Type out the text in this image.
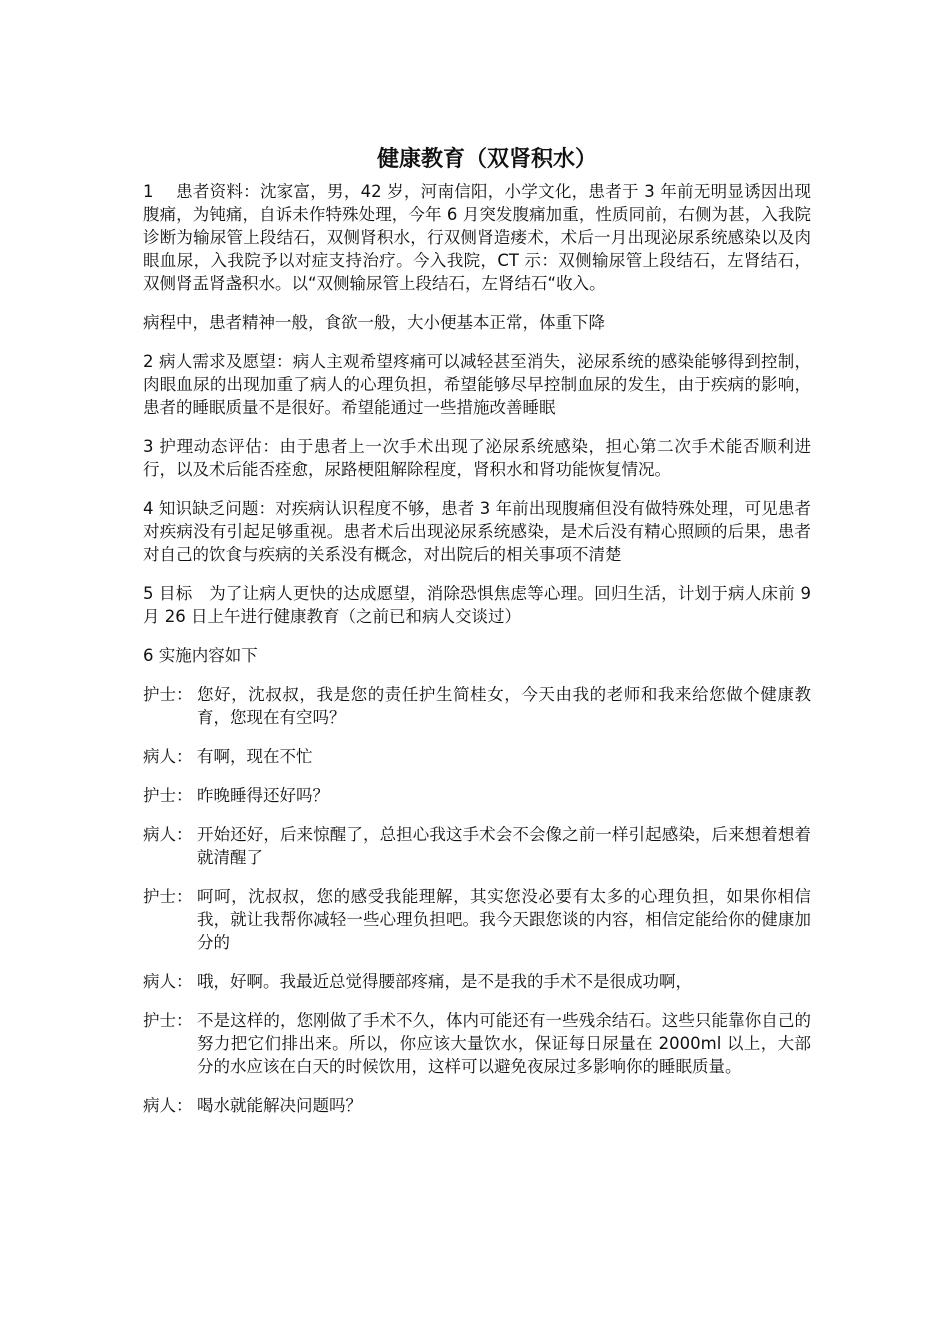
健康教育（双肾积水）

1　 患者资料：沈家富，男，42 岁，河南信阳，小学文化，患者于 3 年前无明显诱因出现腹痛，为钝痛，自诉未作特殊处理，今年 6 月突发腹痛加重，性质同前，右侧为甚，入我院诊断为输尿管上段结石，双侧肾积水，行双侧肾造瘘术，术后一月出现泌尿系统感染以及肉眼血尿，入我院予以对症支持治疗。今入我院，CT 示：双侧输尿管上段结石，左肾结石，双侧肾盂肾盏积水。以“双侧输尿管上段结石，左肾结石“收入。

病程中，患者精神一般，食欲一般，大小便基本正常，体重下降

2 病人需求及愿望：病人主观希望疼痛可以减轻甚至消失，泌尿系统的感染能够得到控制，肉眼血尿的出现加重了病人的心理负担，希望能够尽早控制血尿的发生，由于疾病的影响，患者的睡眠质量不是很好。希望能通过一些措施改善睡眠

3 护理动态评估：由于患者上一次手术出现了泌尿系统感染，担心第二次手术能否顺利进行，以及术后能否痊愈，尿路梗阻解除程度，肾积水和肾功能恢复情况。

4 知识缺乏问题：对疾病认识程度不够，患者 3 年前出现腹痛但没有做特殊处理，可见患者对疾病没有引起足够重视。患者术后出现泌尿系统感染，是术后没有精心照顾的后果，患者对自己的饮食与疾病的关系没有概念，对出院后的相关事项不清楚

5 目标　为了让病人更快的达成愿望，消除恐惧焦虑等心理。回归生活，计划于病人床前 9 月 26 日上午进行健康教育（之前已和病人交谈过）

6 实施内容如下

护士： 您好，沈叔叔，我是您的责任护生简桂女，今天由我的老师和我来给您做个健康教育，您现在有空吗？
病人： 有啊，现在不忙
护士： 昨晚睡得还好吗？
病人： 开始还好，后来惊醒了，总担心我这手术会不会像之前一样引起感染，后来想着想着就清醒了
护士： 呵呵，沈叔叔，您的感受我能理解，其实您没必要有太多的心理负担，如果你相信我，就让我帮你减轻一些心理负担吧。我今天跟您谈的内容，相信定能给你的健康加分的
病人： 哦，好啊。我最近总觉得腰部疼痛，是不是我的手术不是很成功啊，
护士： 不是这样的，您刚做了手术不久，体内可能还有一些残余结石。这些只能靠你自己的努力把它们排出来。所以，你应该大量饮水，保证每日尿量在 2000ml 以上，大部分的水应该在白天的时候饮用，这样可以避免夜尿过多影响你的睡眠质量。
病人： 喝水就能解决问题吗？
